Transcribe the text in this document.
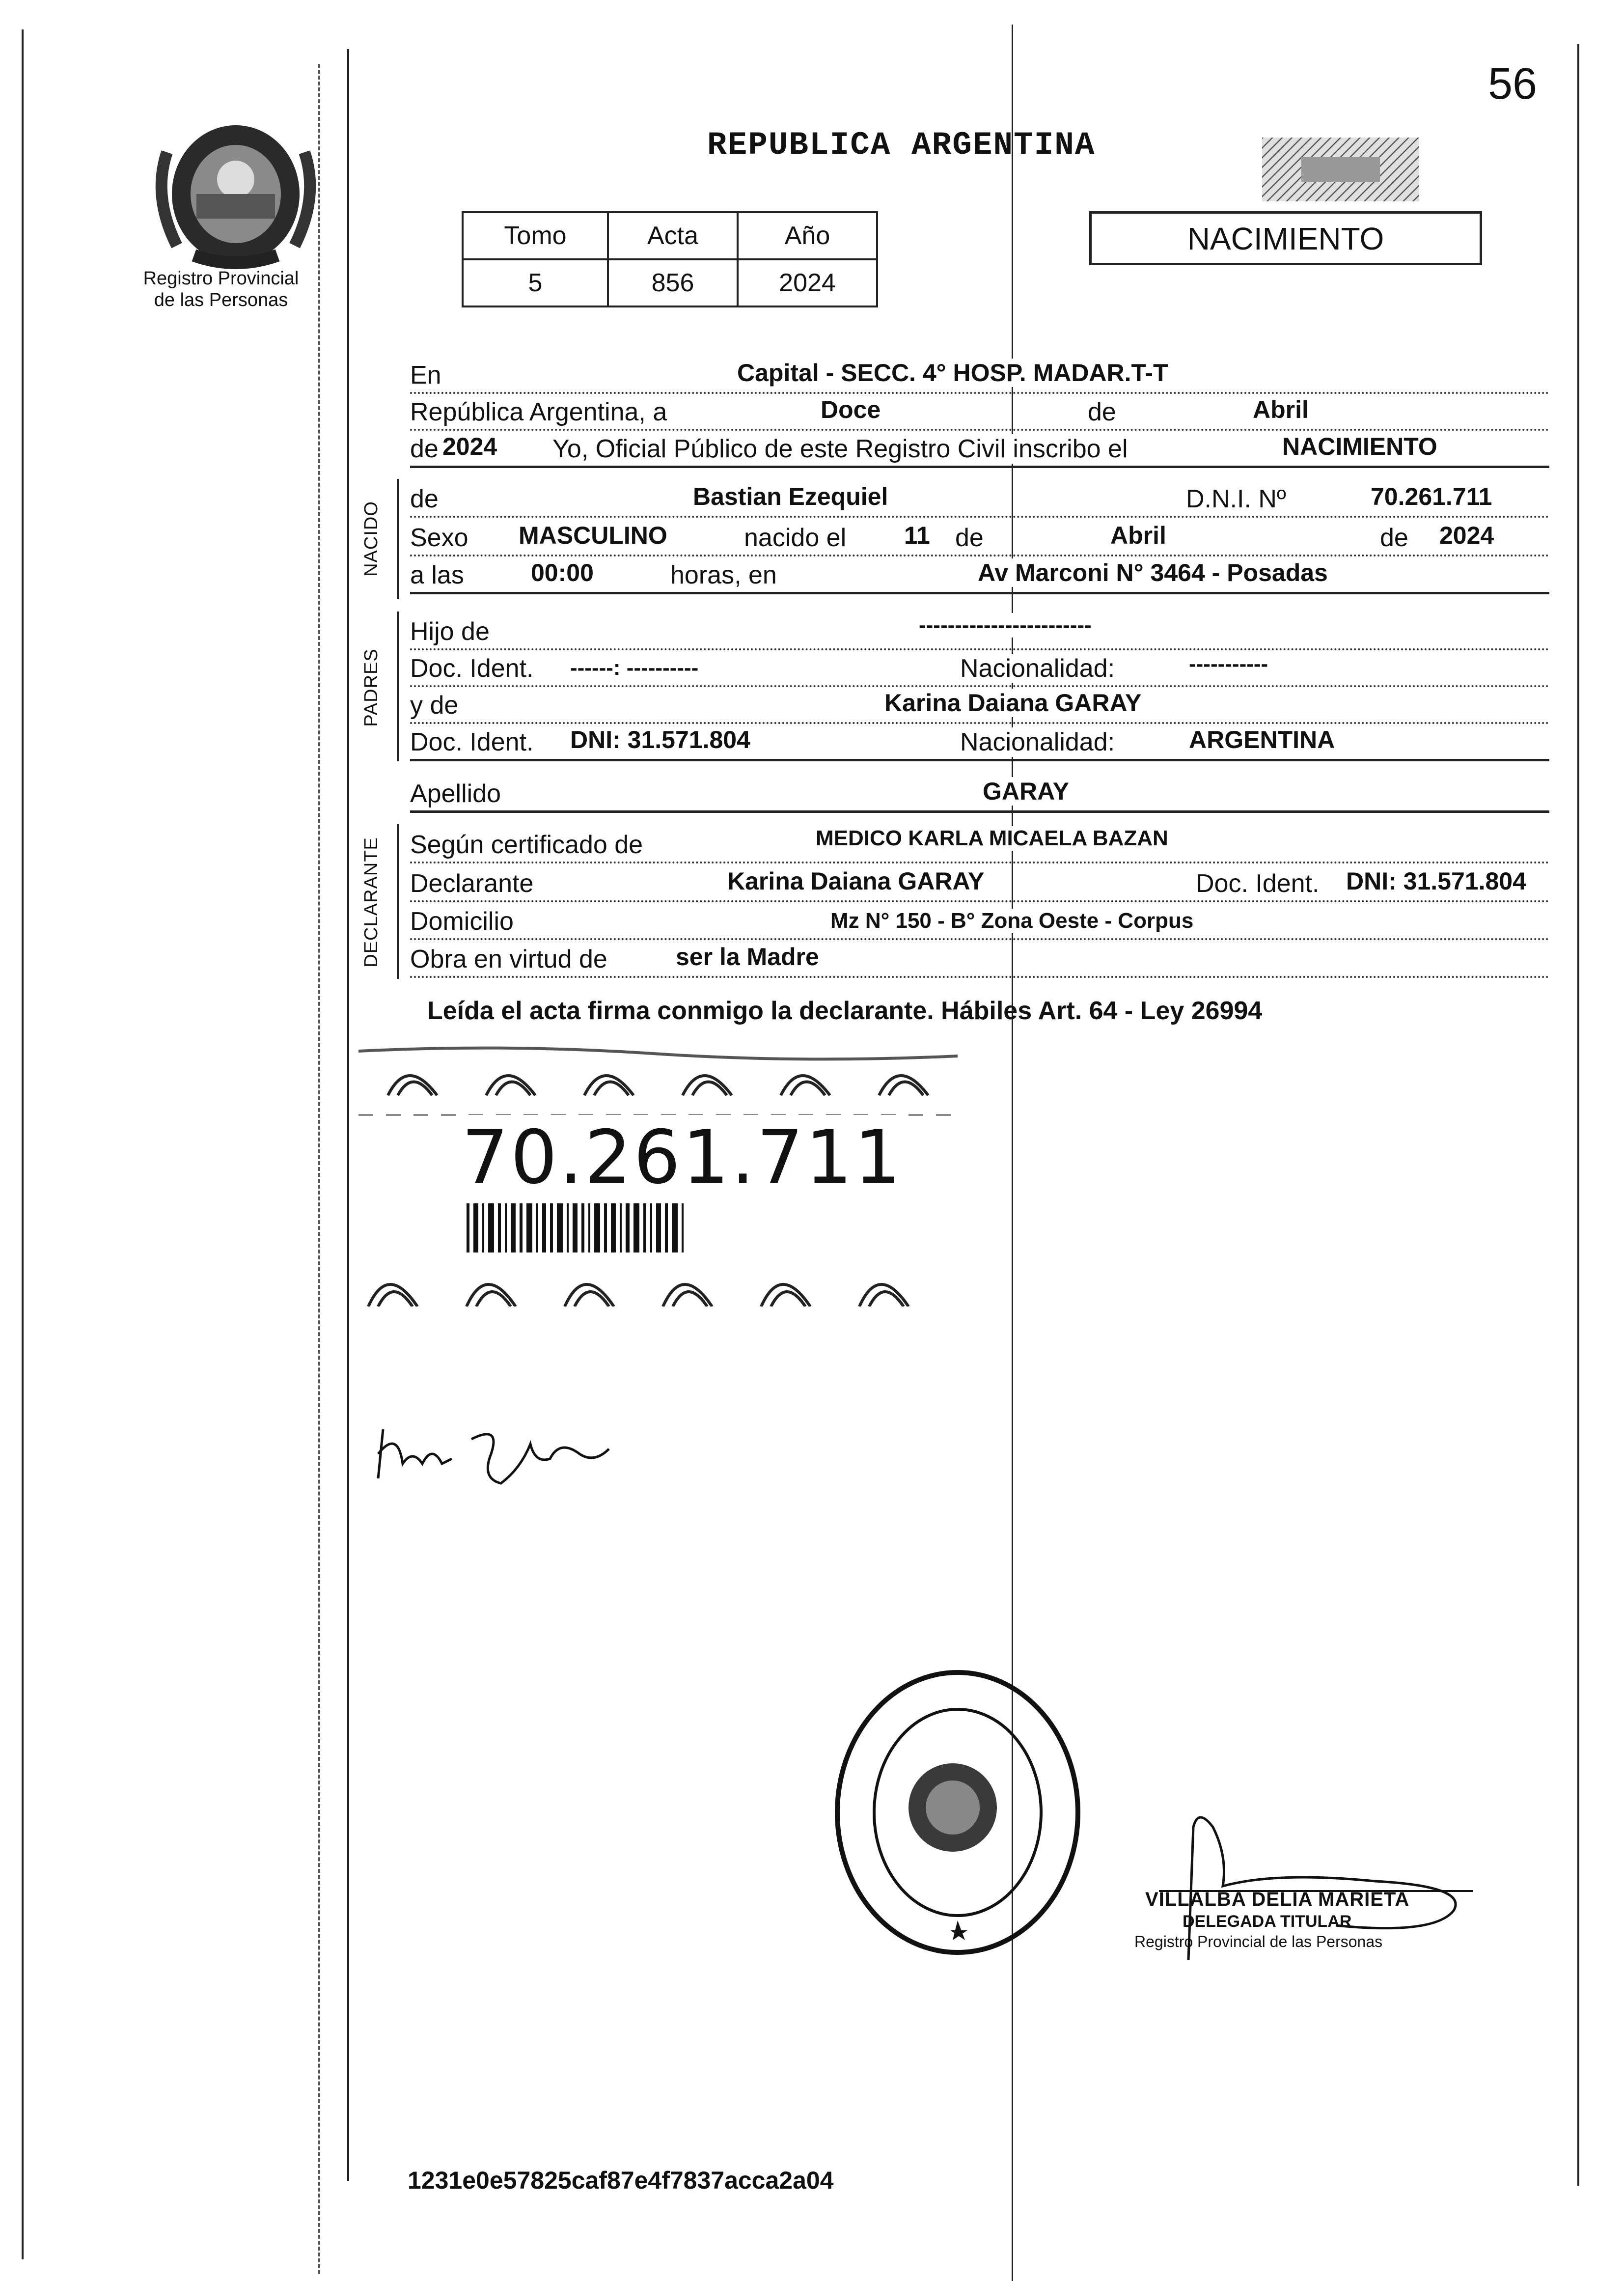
56
Registro Provincial
de las Personas
REPUBLICA ARGENTINA
Tomo	Acta	Año
5	856	2024
NACIMIENTO
En	Capital - SECC. 4° HOSP. MADAR.T-T
República Argentina, a	Doce	de	Abril
de 2024 Yo, Oficial Público de este Registro Civil inscribo el	NACIMIENTO
NACIDO
de	Bastian Ezequiel	D.N.I. Nº	70.261.711
Sexo MASCULINO	nacido el 11 de	Abril	de 2024
a las	00:00	horas, en	Av Marconi N° 3464 - Posadas
PADRES
Hijo de	------------------------
Doc. Ident. ------: ----------	Nacionalidad:	-----------
y de	Karina Daiana GARAY
Doc. Ident. DNI: 31.571.804	Nacionalidad:	ARGENTINA
Apellido	GARAY
DECLARANTE Según certificado de	MEDICO KARLA MICAELA BAZAN
Declarante	Karina Daiana GARAY	Doc. Ident. DNI: 31.571.804
Domicilio	Mz N° 150 - B° Zona Oeste - Corpus
Obra en virtud de	ser la Madre
Leída el acta firma conmigo la declarante. Hábiles Art. 64 - Ley 26994
70.261.711
VILLALBA DELIA MARIETA
DELEGADA TITULAR
Registro Provincial de las Personas
1231e0e57825caf87e4f7837acca2a04
